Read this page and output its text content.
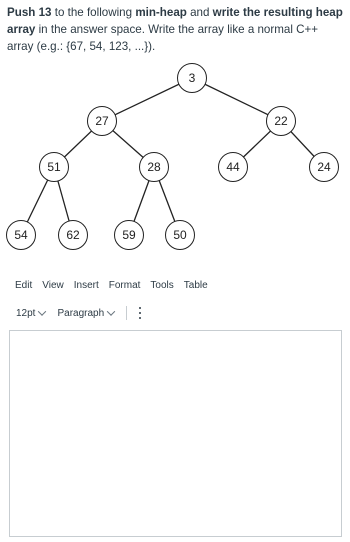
Push 13 to the following min-heap and write the resulting heap array in the answer space. Write the array like a normal C++ array (e.g.: {67, 54, 123, ...}).
3
27	22
51	28	44	24
54	62	59	50
Edit View Insert Format Tools Table
12pt Paragraph
